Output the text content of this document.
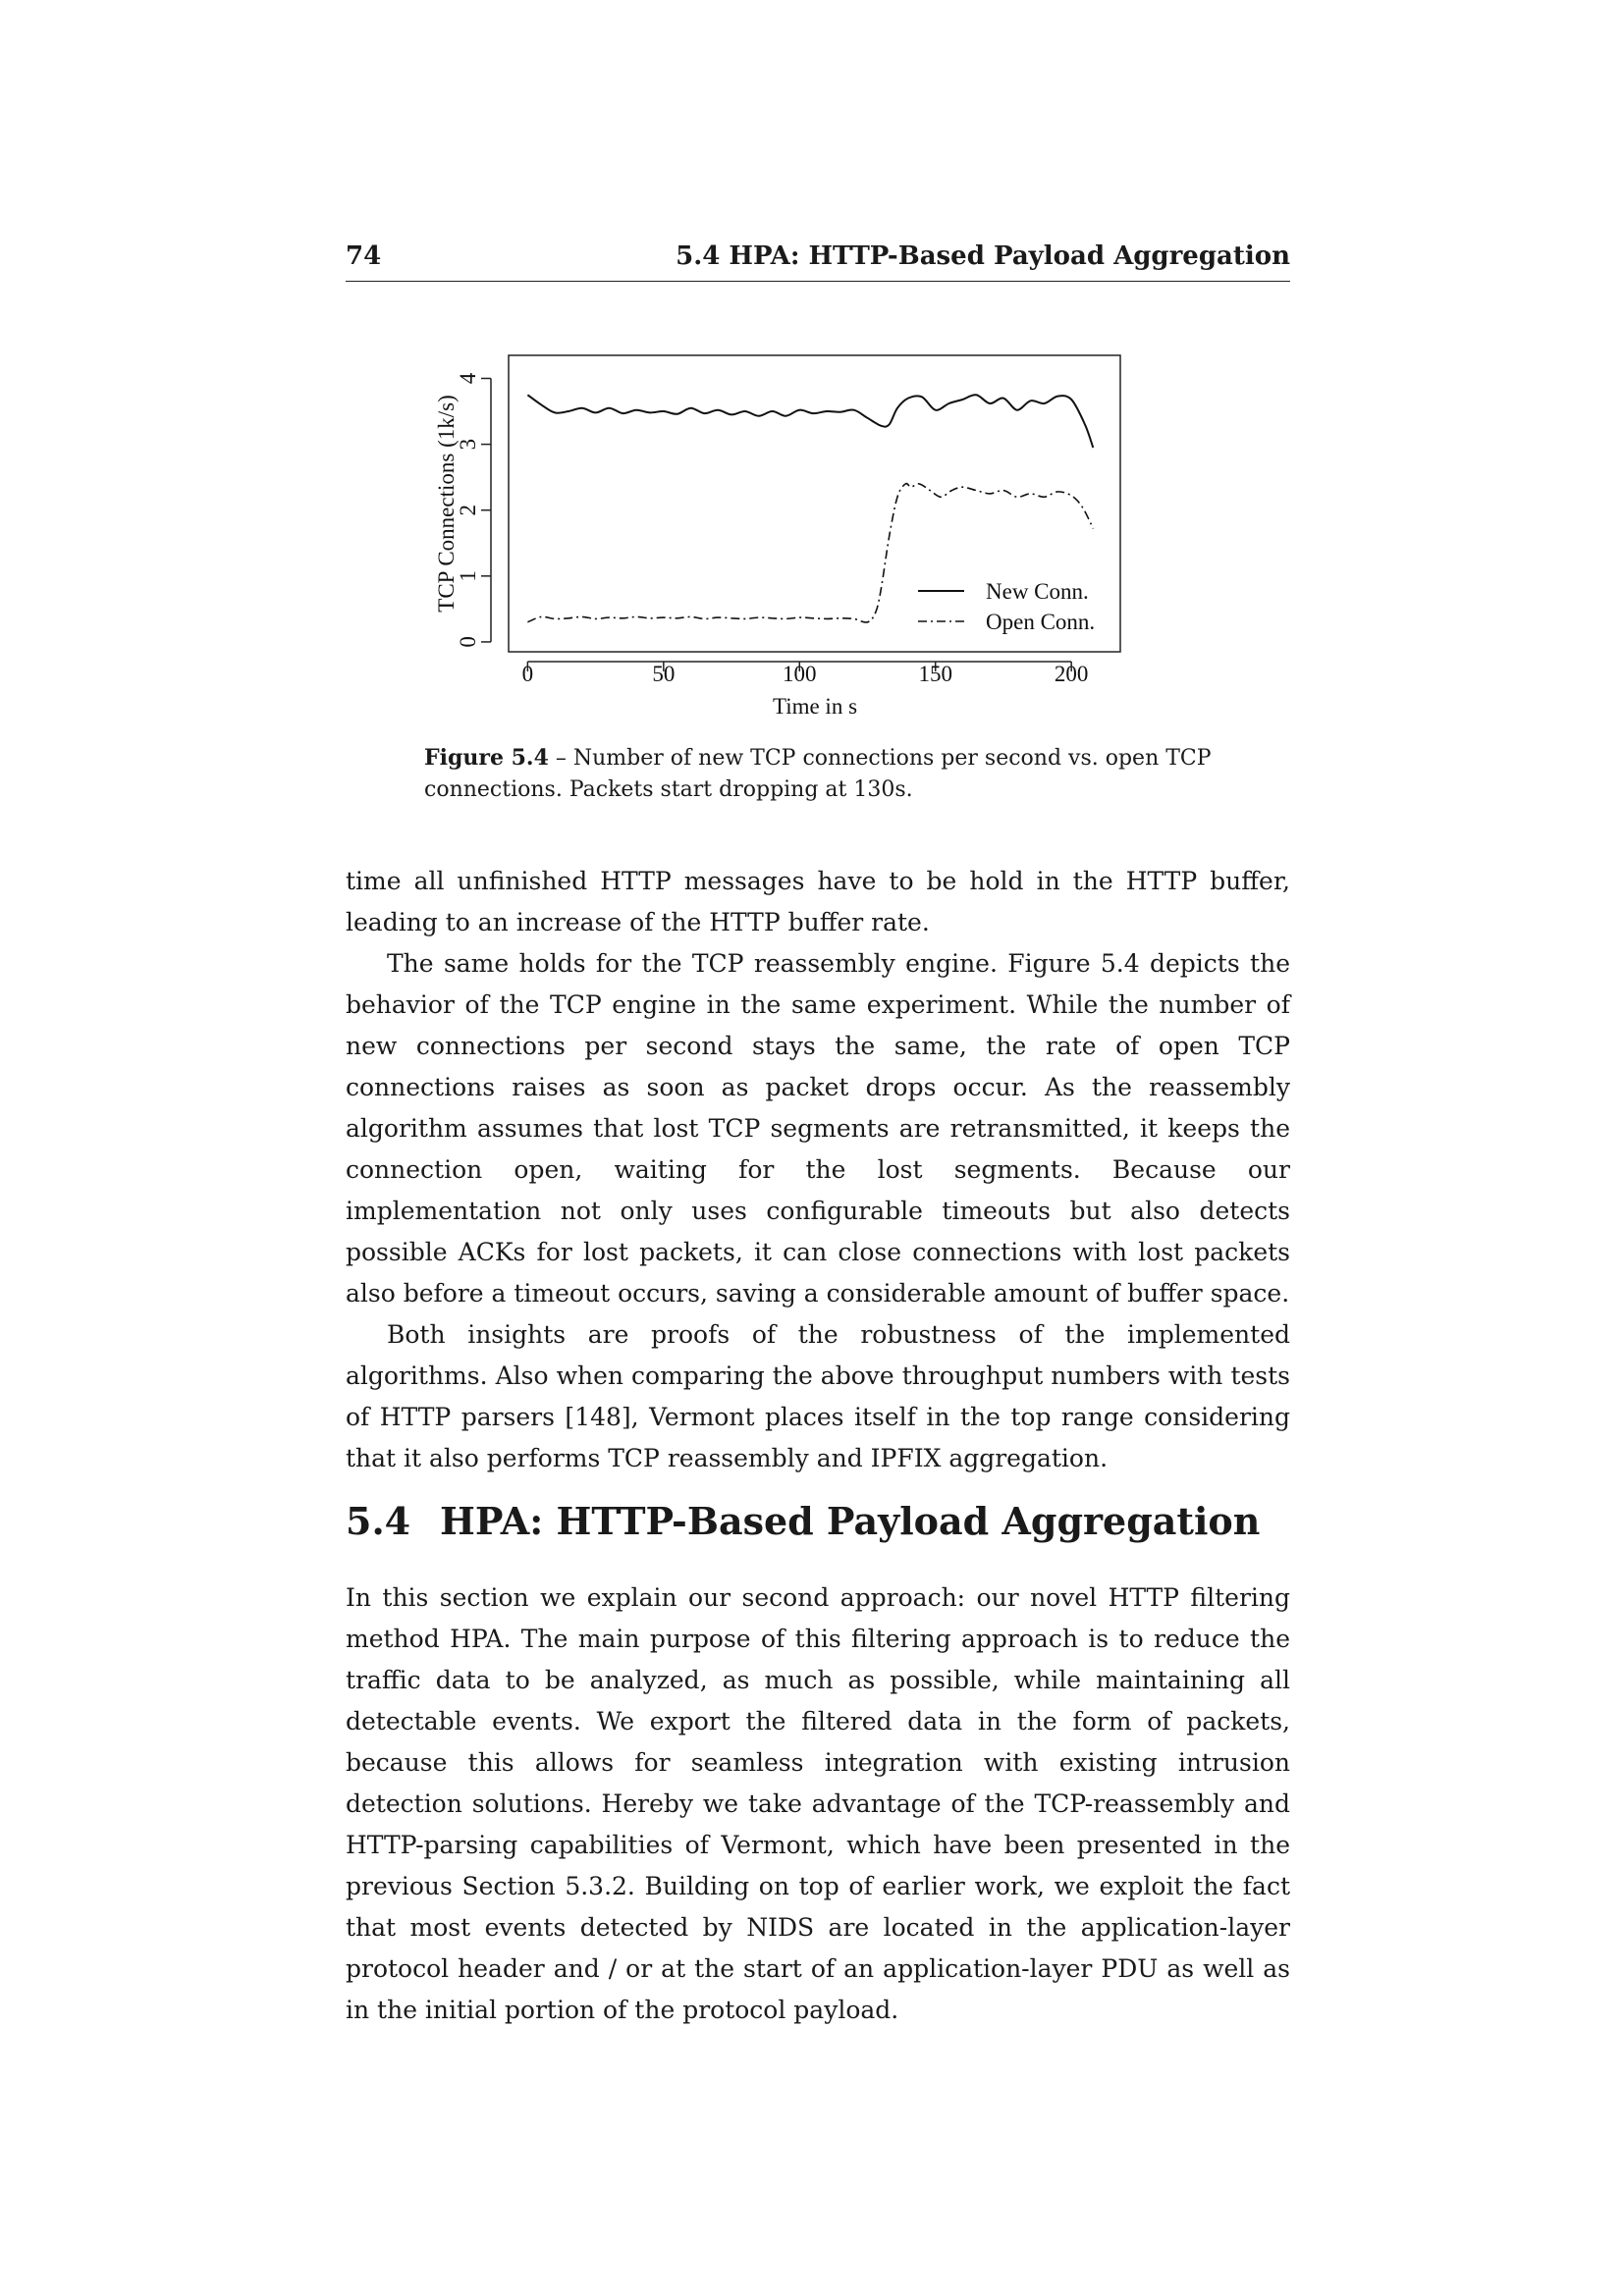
74	5.4 HPA: HTTP-Based Payload Aggregation
0
1
2
3
4
0	50	100	150	200
New Conn.
Open Conn.
Time in s
TCP Connections (1k/s)
Figure 5.4 – Number of new TCP connections per second vs. open TCP connections. Packets start dropping at 130s.

time all unfinished HTTP messages have to be hold in the HTTP buffer, leading to an increase of the HTTP buffer rate.

The same holds for the TCP reassembly engine. Figure 5.4 depicts the behavior of the TCP engine in the same experiment. While the number of new connections per second stays the same, the rate of open TCP connections raises as soon as packet drops occur. As the reassembly algorithm assumes that lost TCP segments are retransmitted, it keeps the connection open, waiting for the lost segments. Because our implementation not only uses configurable timeouts but also detects possible ACKs for lost packets, it can close connections with lost packets also before a timeout occurs, saving a considerable amount of buffer space.

Both insights are proofs of the robustness of the implemented algorithms. Also when comparing the above throughput numbers with tests of HTTP parsers [148], Vermont places itself in the top range considering that it also performs TCP reassembly and IPFIX aggregation.

5.4 HPA: HTTP-Based Payload Aggregation

In this section we explain our second approach: our novel HTTP filtering method HPA. The main purpose of this filtering approach is to reduce the traffic data to be analyzed, as much as possible, while maintaining all detectable events. We export the filtered data in the form of packets, because this allows for seamless integration with existing intrusion detection solutions. Hereby we take advantage of the TCP-reassembly and HTTP-parsing capabilities of Vermont, which have been presented in the previous Section 5.3.2. Building on top of earlier work, we exploit the fact that most events detected by NIDS are located in the application-layer protocol header and / or at the start of an application-layer PDU as well as in the initial portion of the protocol payload.
